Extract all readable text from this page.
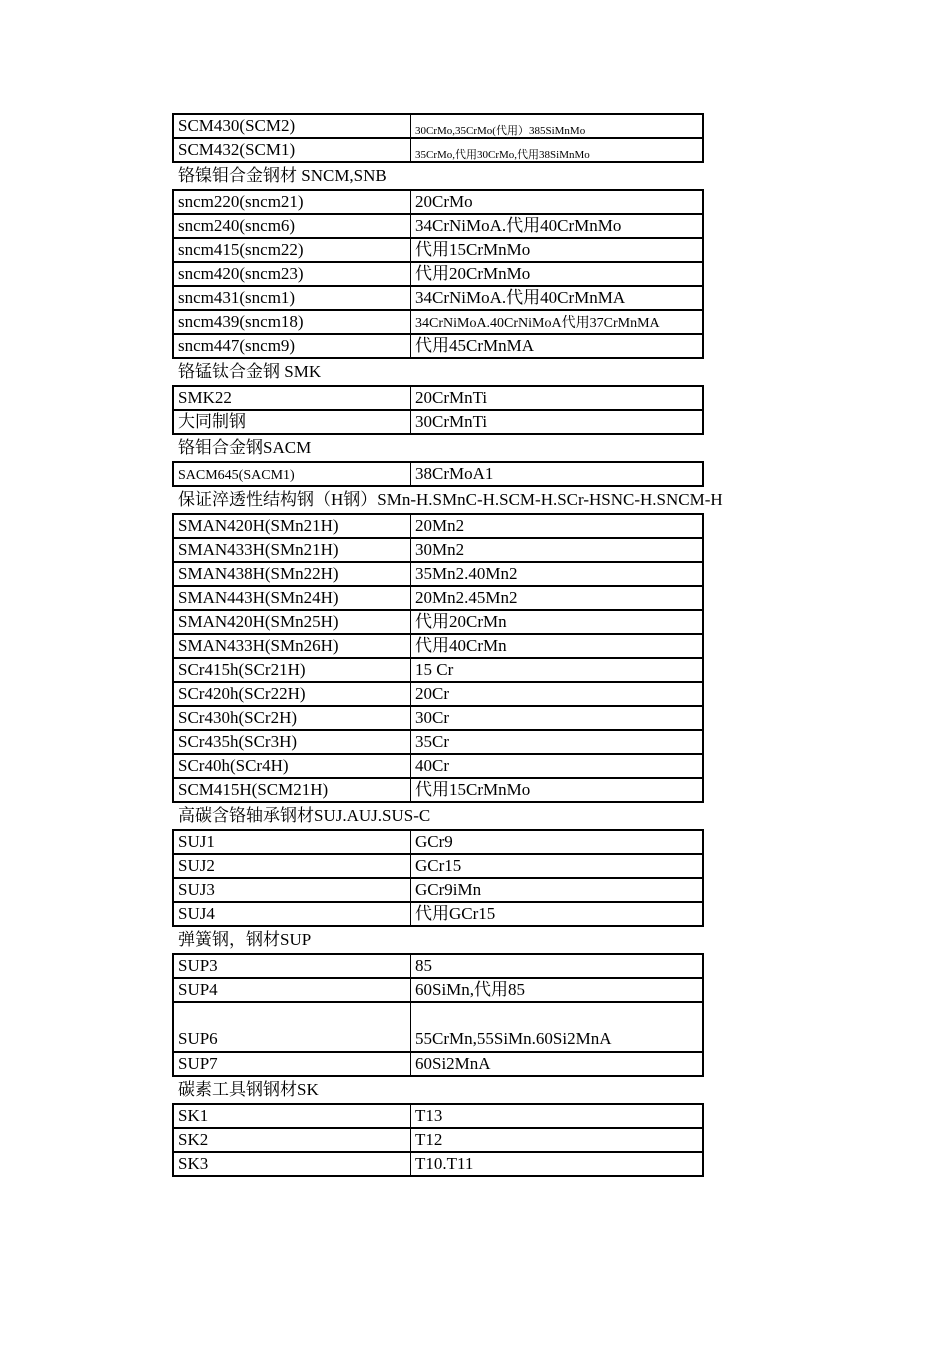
SCM430(SCM2)	30CrMo,35CrMo(代用）385SiMnMo
SCM432(SCM1)	35CrMo,代用30CrMo,代用38SiMnMo
铬镍钼合金钢材 SNCM,SNB
sncm220(sncm21)	20CrMo
sncm240(sncm6)	34CrNiMoA.代用40CrMnMo
sncm415(sncm22)	代用15CrMnMo
sncm420(sncm23)	代用20CrMnMo
sncm431(sncm1)	34CrNiMoA.代用40CrMnMA
sncm439(sncm18)	34CrNiMoA.40CrNiMoA代用37CrMnMA
sncm447(sncm9)	代用45CrMnMA
铬锰钛合金钢 SMK
SMK22	20CrMnTi
大同制钢	30CrMnTi
铬钼合金钢SACM
SACM645(SACM1)	38CrMoA1
保证淬透性结构钢（H钢）SMn-H.SMnC-H.SCM-H.SCr-HSNC-H.SNCM-H
SMAN420H(SMn21H)	20Mn2
SMAN433H(SMn21H)	30Mn2
SMAN438H(SMn22H)	35Mn2.40Mn2
SMAN443H(SMn24H)	20Mn2.45Mn2
SMAN420H(SMn25H)	代用20CrMn
SMAN433H(SMn26H)	代用40CrMn
SCr415h(SCr21H)	15 Cr
SCr420h(SCr22H)	20Cr
SCr430h(SCr2H)	30Cr
SCr435h(SCr3H)	35Cr
SCr40h(SCr4H)	40Cr
SCM415H(SCM21H)	代用15CrMnMo
高碳含铬轴承钢材SUJ.AUJ.SUS-C
SUJ1	GCr9
SUJ2	GCr15
SUJ3	GCr9iMn
SUJ4	代用GCr15
弹簧钢，钢材SUP
SUP3	85
SUP4	60SiMn,代用85
SUP6	55CrMn,55SiMn.60Si2MnA
SUP7	60Si2MnA
碳素工具钢钢材SK
SK1	T13
SK2	T12
SK3	T10.T11
